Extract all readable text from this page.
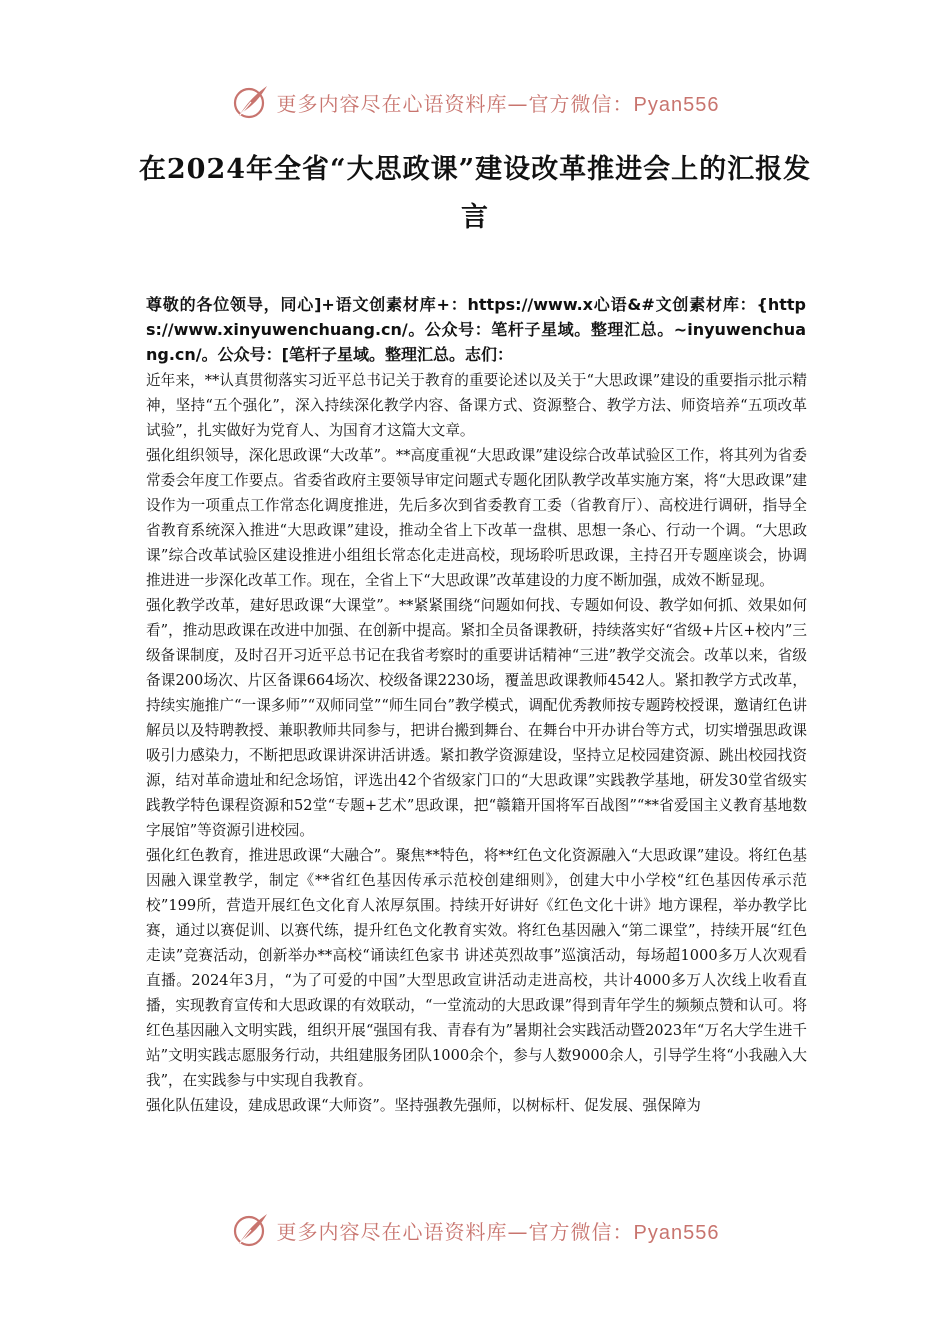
更多内容尽在心语资料库—官方微信：Pyan556
在2024年全省“大思政课”建设改革推进会上的汇报发言
尊敬的各位领导，同心]+语文创素材库+：https://www.x心语&#文创素材库：{https://www.xinyuwenchuang.cn/。公众号：笔杆子星域。整理汇总。~inyuwenchuang.cn/。公众号：[笔杆子星域。整理汇总。志们：

近年来，**认真贯彻落实习近平总书记关于教育的重要论述以及关于“大思政课”建设的重要指示批示精神，坚持“五个强化”，深入持续深化教学内容、备课方式、资源整合、教学方法、师资培养“五项改革试验”，扎实做好为党育人、为国育才这篇大文章。

强化组织领导，深化思政课“大改革”。**高度重视“大思政课”建设综合改革试验区工作，将其列为省委常委会年度工作要点。省委省政府主要领导审定问题式专题化团队教学改革实施方案，将“大思政课”建设作为一项重点工作常态化调度推进，先后多次到省委教育工委（省教育厅）、高校进行调研，指导全省教育系统深入推进“大思政课”建设，推动全省上下改革一盘棋、思想一条心、行动一个调。“大思政课”综合改革试验区建设推进小组组长常态化走进高校，现场聆听思政课，主持召开专题座谈会，协调推进进一步深化改革工作。现在，全省上下“大思政课”改革建设的力度不断加强，成效不断显现。

强化教学改革，建好思政课“大课堂”。**紧紧围绕“问题如何找、专题如何设、教学如何抓、效果如何看”，推动思政课在改进中加强、在创新中提高。紧扣全员备课教研，持续落实好“省级+片区+校内”三级备课制度，及时召开习近平总书记在我省考察时的重要讲话精神“三进”教学交流会。改革以来，省级备课200场次、片区备课664场次、校级备课2230场，覆盖思政课教师4542人。紧扣教学方式改革，持续实施推广“一课多师”“双师同堂”“师生同台”教学模式，调配优秀教师按专题跨校授课，邀请红色讲解员以及特聘教授、兼职教师共同参与，把讲台搬到舞台、在舞台中开办讲台等方式，切实增强思政课吸引力感染力，不断把思政课讲深讲活讲透。紧扣教学资源建设，坚持立足校园建资源、跳出校园找资源，结对革命遗址和纪念场馆，评选出42个省级家门口的“大思政课”实践教学基地，研发30堂省级实践教学特色课程资源和52堂“专题+艺术”思政课，把“赣籍开国将军百战图”“**省爱国主义教育基地数字展馆”等资源引进校园。

强化红色教育，推进思政课“大融合”。聚焦**特色，将**红色文化资源融入“大思政课”建设。将红色基因融入课堂教学，制定《**省红色基因传承示范校创建细则》，创建大中小学校“红色基因传承示范校”199所，营造开展红色文化育人浓厚氛围。持续开好讲好《红色文化十讲》地方课程，举办教学比赛，通过以赛促训、以赛代练，提升红色文化教育实效。将红色基因融入“第二课堂”，持续开展“红色走读”竞赛活动，创新举办**高校“诵读红色家书 讲述英烈故事”巡演活动，每场超1000多万人次观看直播。2024年3月，“为了可爱的中国”大型思政宣讲活动走进高校，共计4000多万人次线上收看直播，实现教育宣传和大思政课的有效联动，“一堂流动的大思政课”得到青年学生的频频点赞和认可。将红色基因融入文明实践，组织开展“强国有我、青春有为”暑期社会实践活动暨2023年“万名大学生进千站”文明实践志愿服务行动，共组建服务团队1000余个，参与人数9000余人，引导学生将“小我融入大我”，在实践参与中实现自我教育。

强化队伍建设，建成思政课“大师资”。坚持强教先强师，以树标杆、促发展、强保障为

更多内容尽在心语资料库—官方微信：Pyan556
